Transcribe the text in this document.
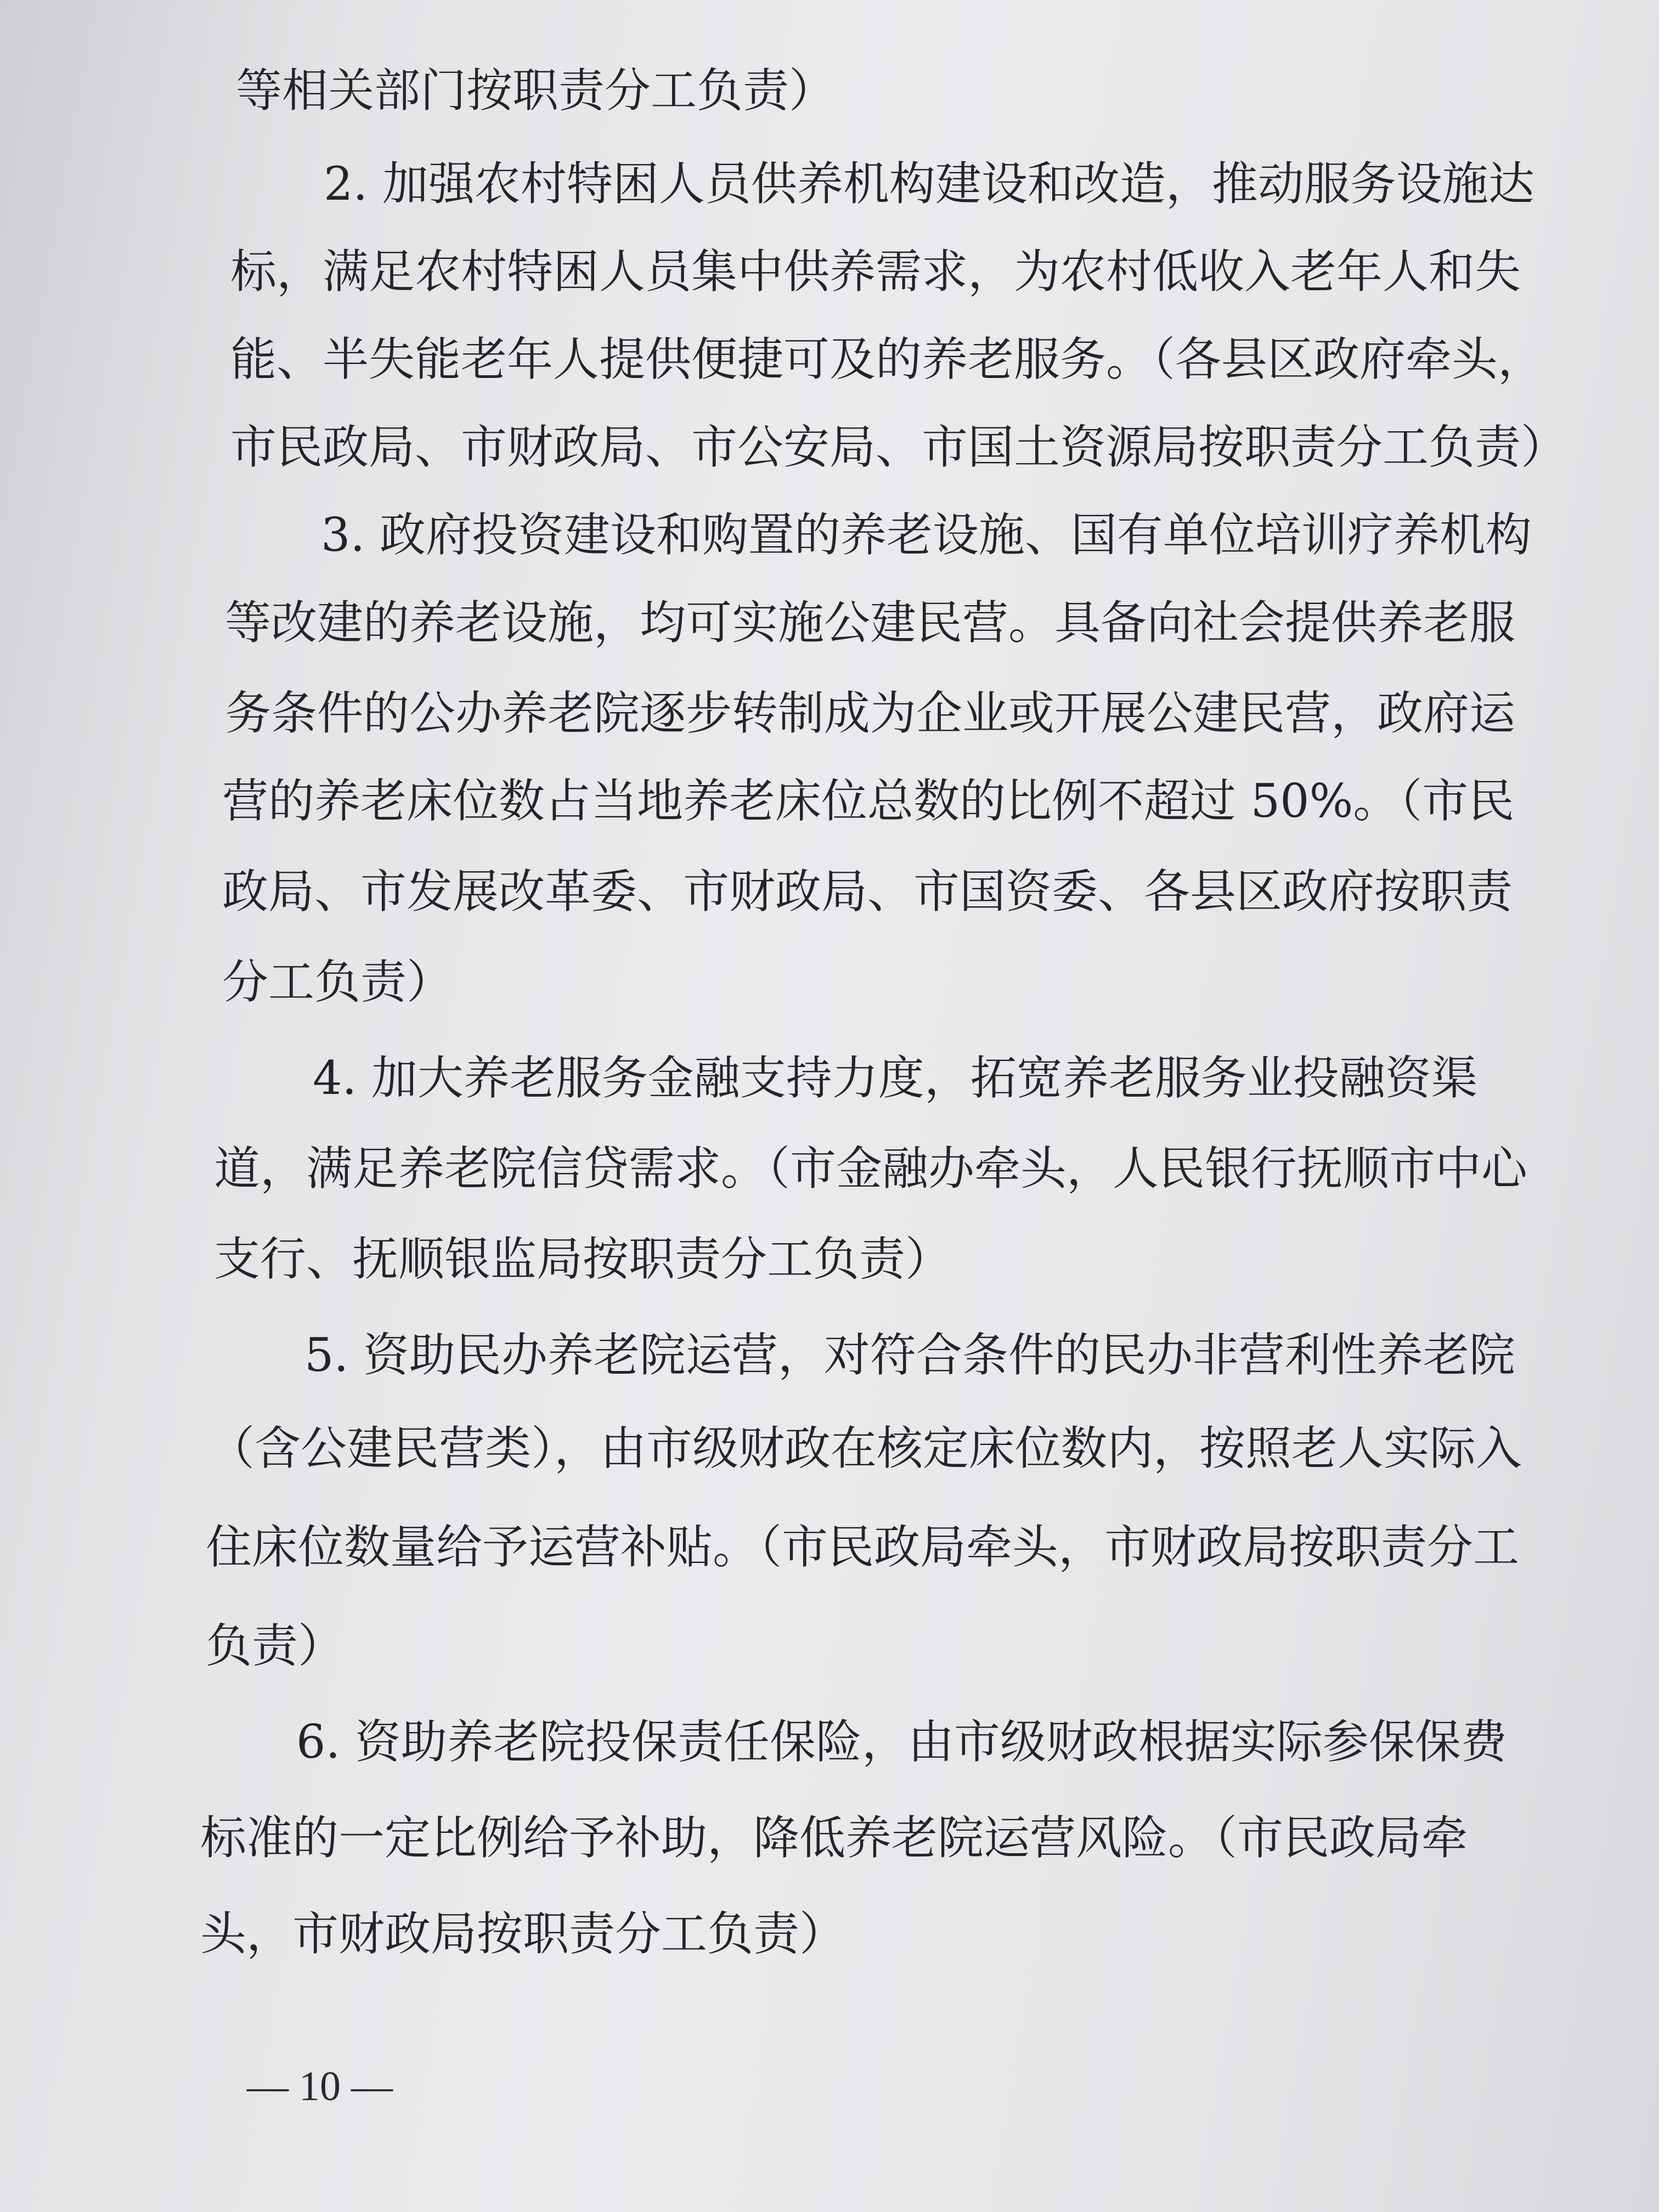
等相关部门按职责分工负责）

2. 加强农村特困人员供养机构建设和改造，推动服务设施达

标，满足农村特困人员集中供养需求，为农村低收入老年人和失

能、半失能老年人提供便捷可及的养老服务。（各县区政府牵头，

市民政局、市财政局、市公安局、市国土资源局按职责分工负责）

3. 政府投资建设和购置的养老设施、国有单位培训疗养机构

等改建的养老设施，均可实施公建民营。具备向社会提供养老服

务条件的公办养老院逐步转制成为企业或开展公建民营，政府运

营的养老床位数占当地养老床位总数的比例不超过 50%。（市民

政局、市发展改革委、市财政局、市国资委、各县区政府按职责

分工负责）

4. 加大养老服务金融支持力度，拓宽养老服务业投融资渠

道，满足养老院信贷需求。（市金融办牵头，人民银行抚顺市中心

支行、抚顺银监局按职责分工负责）

5. 资助民办养老院运营，对符合条件的民办非营利性养老院

（含公建民营类），由市级财政在核定床位数内，按照老人实际入

住床位数量给予运营补贴。（市民政局牵头，市财政局按职责分工

负责）

6. 资助养老院投保责任保险，由市级财政根据实际参保保费

标准的一定比例给予补助，降低养老院运营风险。（市民政局牵

头，市财政局按职责分工负责）

— 10 —
